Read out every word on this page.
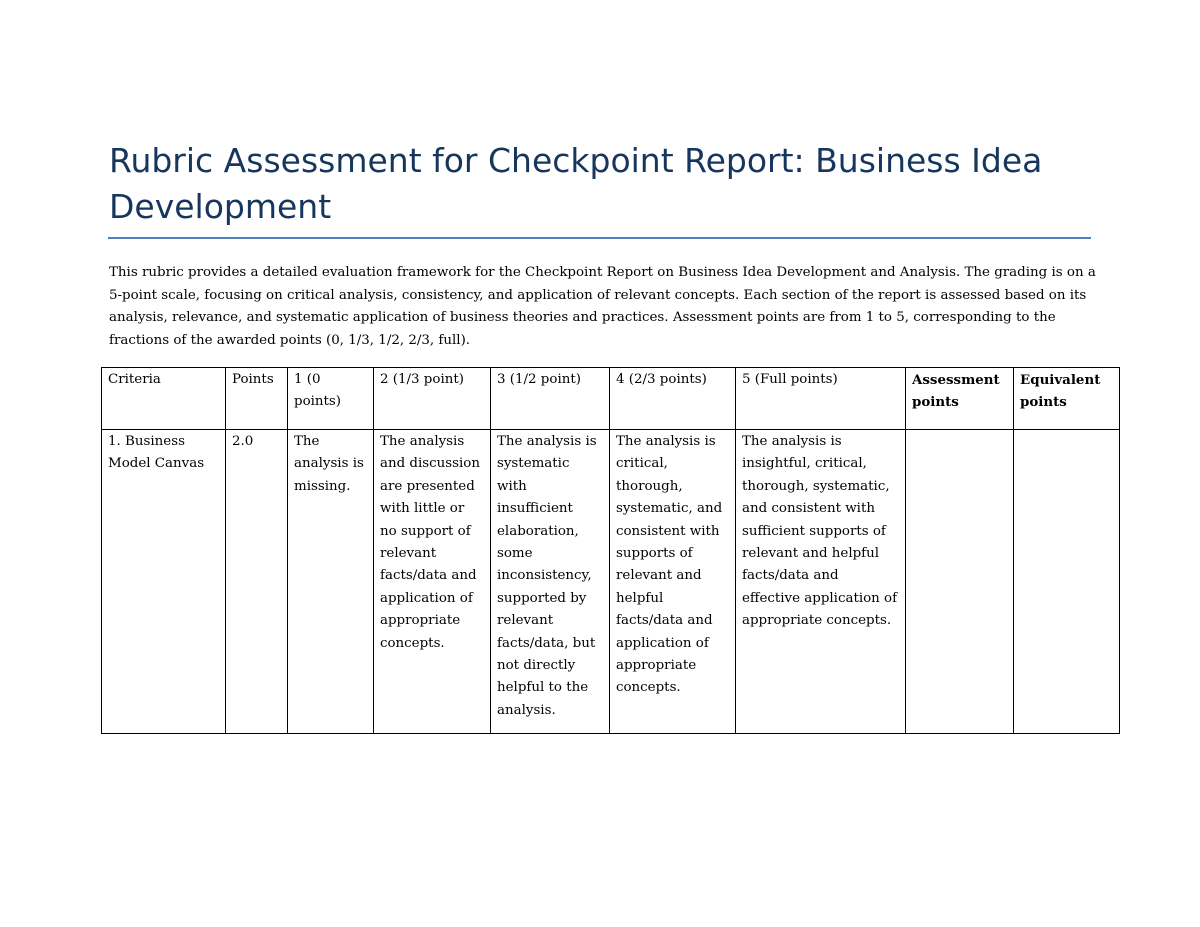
Rubric Assessment for Checkpoint Report: Business Idea Development

This rubric provides a detailed evaluation framework for the Checkpoint Report on Business Idea Development and Analysis. The grading is on a 5-point scale, focusing on critical analysis, consistency, and application of relevant concepts. Each section of the report is assessed based on its analysis, relevance, and systematic application of business theories and practices. Assessment points are from 1 to 5, corresponding to the fractions of the awarded points (0, 1/3, 1/2, 2/3, full).

Criteria	Points	1 (0 points)	2 (1/3 point)	3 (1/2 point)	4 (2/3 points)	5 (Full points)	Assessment points	Equivalent points
1. Business Model Canvas	2.0	The analysis is missing.	The analysis and discussion are presented with little or no support of relevant facts/data and application of appropriate concepts.	The analysis is systematic with insufficient elaboration, some inconsistency, supported by relevant facts/data, but not directly helpful to the analysis.	The analysis is critical, thorough, systematic, and consistent with supports of relevant and helpful facts/data and application of appropriate concepts.	The analysis is insightful, critical, thorough, systematic, and consistent with sufficient supports of relevant and helpful facts/data and effective application of appropriate concepts.		
